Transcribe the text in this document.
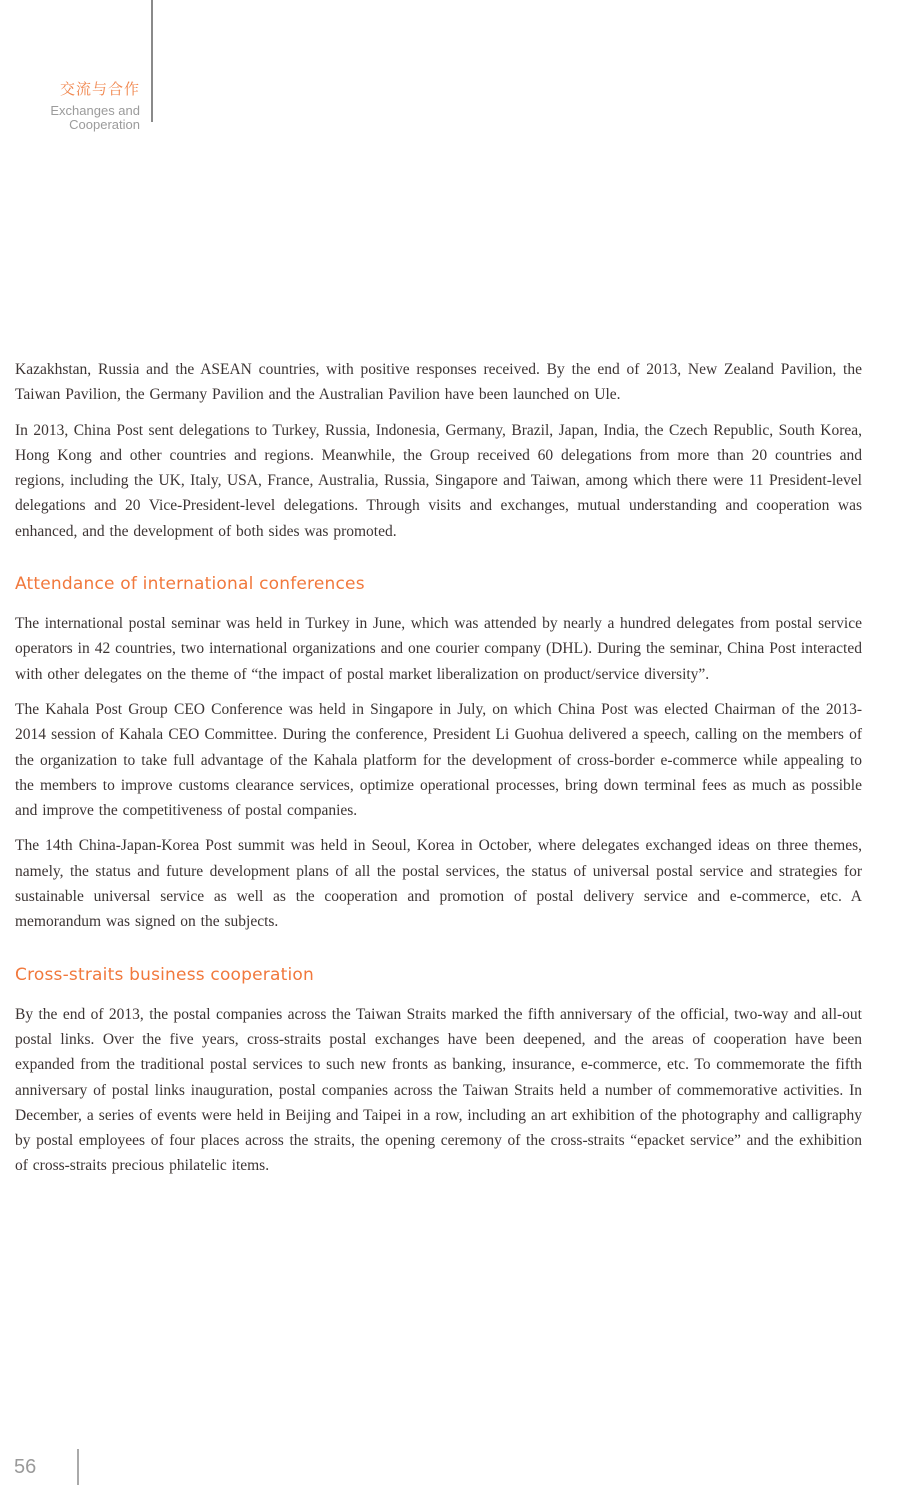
交流与合作
Exchanges and
Cooperation

Kazakhstan, Russia and the ASEAN countries, with positive responses received. By the end of 2013, New Zealand Pavilion, the Taiwan Pavilion, the Germany Pavilion and the Australian Pavilion have been launched on Ule.

In 2013, China Post sent delegations to Turkey, Russia, Indonesia, Germany, Brazil, Japan, India, the Czech Republic, South Korea, Hong Kong and other countries and regions. Meanwhile, the Group received 60 delegations from more than 20 countries and regions, including the UK, Italy, USA, France, Australia, Russia, Singapore and Taiwan, among which there were 11 President-level delegations and 20 Vice-President-level delegations. Through visits and exchanges, mutual understanding and cooperation was enhanced, and the development of both sides was promoted.

Attendance of international conferences

The international postal seminar was held in Turkey in June, which was attended by nearly a hundred delegates from postal service operators in 42 countries, two international organizations and one courier company (DHL). During the seminar, China Post interacted with other delegates on the theme of “the impact of postal market liberalization on product/service diversity”.

The Kahala Post Group CEO Conference was held in Singapore in July, on which China Post was elected Chairman of the 2013-2014 session of Kahala CEO Committee. During the conference, President Li Guohua delivered a speech, calling on the members of the organization to take full advantage of the Kahala platform for the development of cross-border e-commerce while appealing to the members to improve customs clearance services, optimize operational processes, bring down terminal fees as much as possible and improve the competitiveness of postal companies.

The 14th China-Japan-Korea Post summit was held in Seoul, Korea in October, where delegates exchanged ideas on three themes, namely, the status and future development plans of all the postal services, the status of universal postal service and strategies for sustainable universal service as well as the cooperation and promotion of postal delivery service and e-commerce, etc. A memorandum was signed on the subjects.

Cross-straits business cooperation

By the end of 2013, the postal companies across the Taiwan Straits marked the fifth anniversary of the official, two-way and all-out postal links. Over the five years, cross-straits postal exchanges have been deepened, and the areas of cooperation have been expanded from the traditional postal services to such new fronts as banking, insurance, e-commerce, etc. To commemorate the fifth anniversary of postal links inauguration, postal companies across the Taiwan Straits held a number of commemorative activities. In December, a series of events were held in Beijing and Taipei in a row, including an art exhibition of the photography and calligraphy by postal employees of four places across the straits, the opening ceremony of the cross-straits “epacket service” and the exhibition of cross-straits precious philatelic items.

56
